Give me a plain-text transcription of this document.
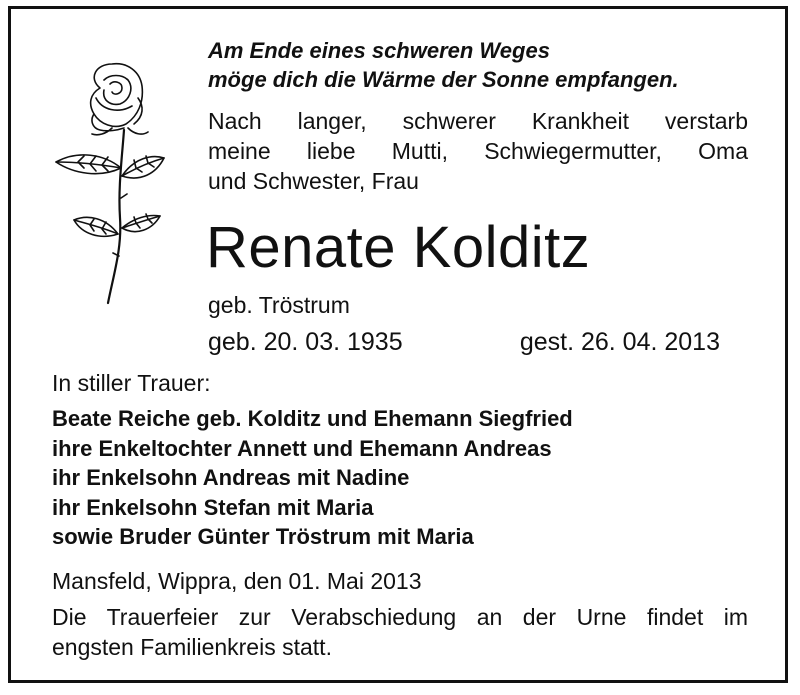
Am Ende eines schweren Weges
möge dich die Wärme der Sonne empfangen.
Nach langer, schwerer Krankheit verstarb
meine liebe Mutti, Schwiegermutter, Oma
und Schwester, Frau
Renate Kolditz
geb. Tröstrum
geb. 20. 03. 1935	gest. 26. 04. 2013
In stiller Trauer:
Beate Reiche geb. Kolditz und Ehemann Siegfried
ihre Enkeltochter Annett und Ehemann Andreas
ihr Enkelsohn Andreas mit Nadine
ihr Enkelsohn Stefan mit Maria
sowie Bruder Günter Tröstrum mit Maria
Mansfeld, Wippra, den 01. Mai 2013
Die Trauerfeier zur Verabschiedung an der Urne findet im
engsten Familienkreis statt.
